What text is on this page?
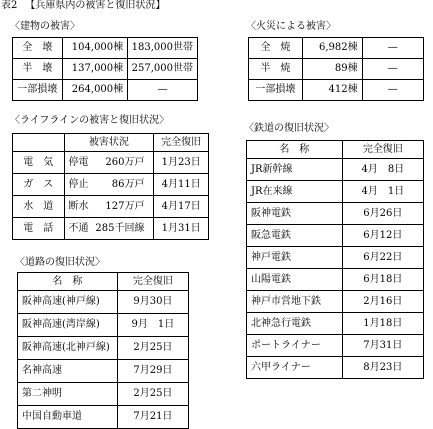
表2 【兵庫県内の被害と復旧状況】
〈建物の被害〉
全　壊	104,000棟	183,000世帯
半　壊	137,000棟	257,000世帯
一部損壊	264,000棟	—
〈火災による被害〉
全　焼	6,982棟	—
半　焼	89棟	—
一部損壊	412棟	—
〈ライフラインの被害と復旧状況〉
	被害状況	完全復旧
電　気	停電 260万戸	1月23日
ガ　ス	停止 86万戸	4月11日
水　道	断水 127万戸	4月17日
電　話	不通 285千回線	1月31日
〈道路の復旧状況〉
名　称	完全復旧
阪神高速(神戸線)	9月30日
阪神高速(湾岸線)	9月　1日
阪神高速(北神戸線)	2月25日
名神高速	7月29日
第二神明	2月25日
中国自動車道	7月21日
〈鉄道の復旧状況〉
名　称	完全復旧
JR新幹線	4月　8日
JR在来線	4月　1日
阪神電鉄	6月26日
阪急電鉄	6月12日
神戸電鉄	6月22日
山陽電鉄	6月18日
神戸市営地下鉄	2月16日
北神急行電鉄	1月18日
ポートライナー	7月31日
六甲ライナー	8月23日
